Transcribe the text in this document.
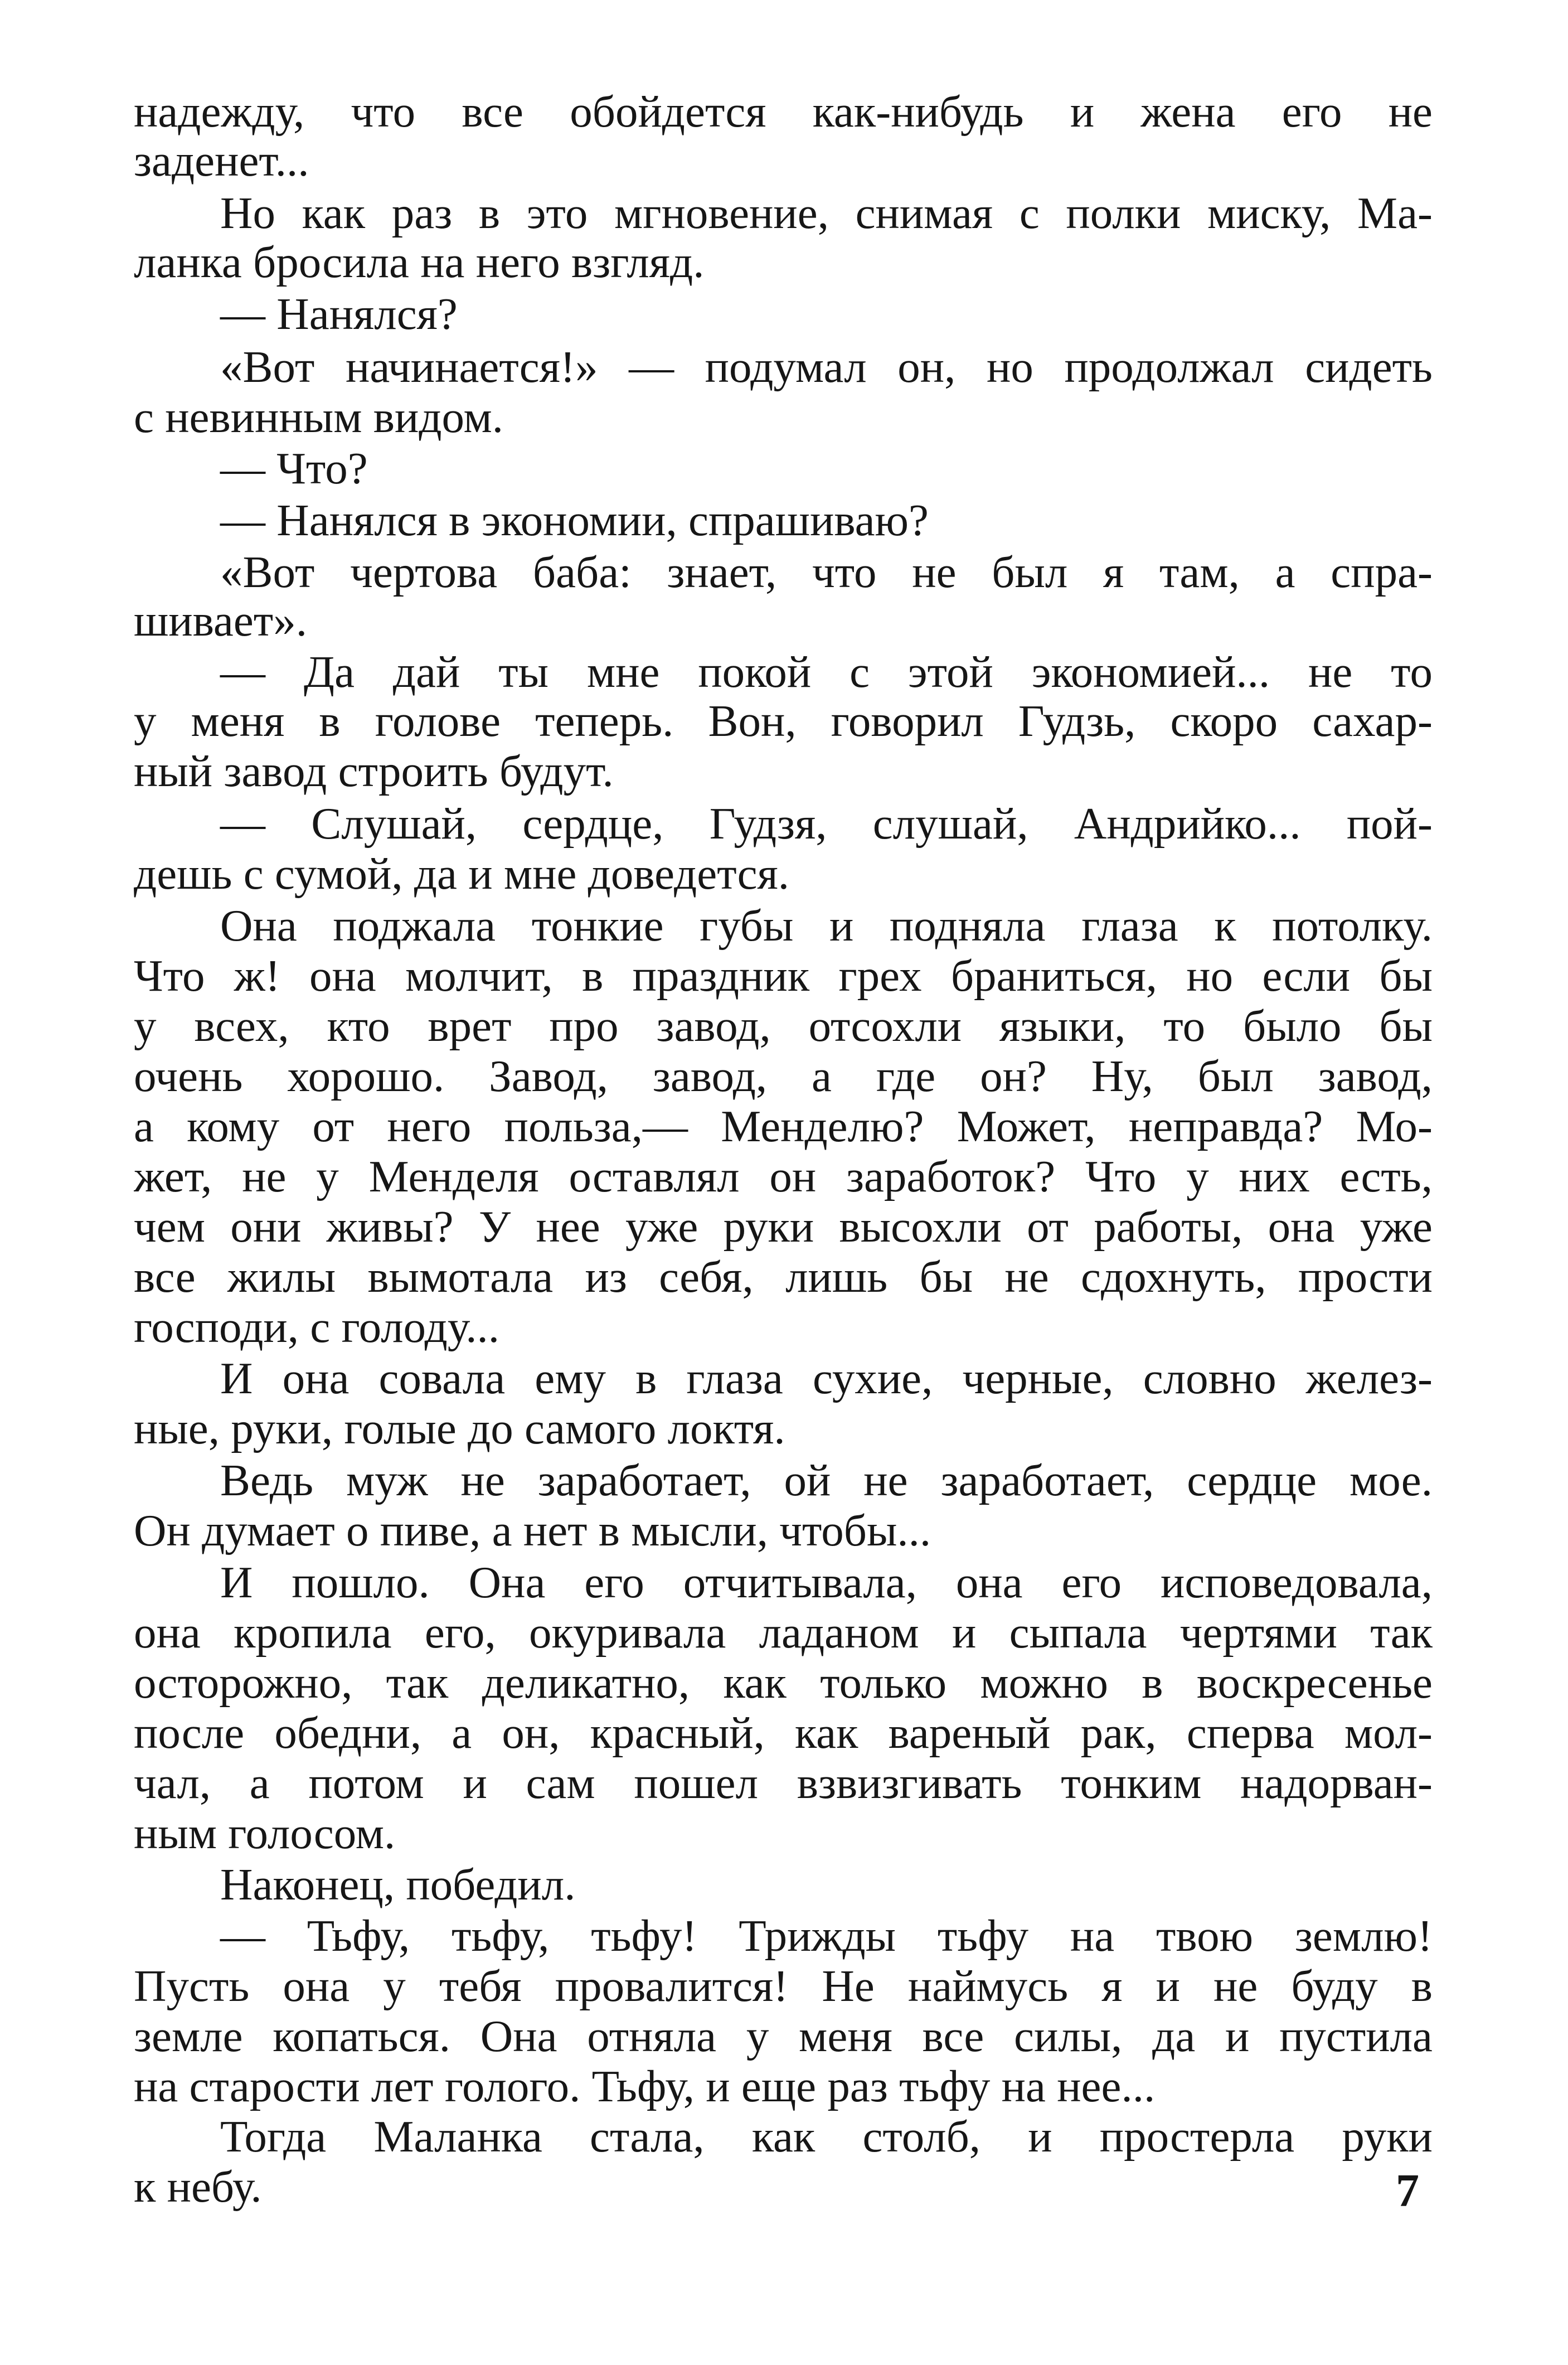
надежду, что все обойдется как-нибудь и жена его не
заденет...
Но как раз в это мгновение, снимая с полки миску, Ма-
ланка бросила на него взгляд.
— Нанялся?
«Вот начинается!» — подумал он, но продолжал сидеть
с невинным видом.
— Что?
— Нанялся в экономии, спрашиваю?
«Вот чертова баба: знает, что не был я там, а спра-
шивает».
— Да дай ты мне покой с этой экономией... не то
у меня в голове теперь. Вон, говорил Гудзь, скоро сахар-
ный завод строить будут.
— Слушай, сердце, Гудзя, слушай, Андрийко... пой-
дешь с сумой, да и мне доведется.
Она поджала тонкие губы и подняла глаза к потолку.
Что ж! она молчит, в праздник грех браниться, но если бы
у всех, кто врет про завод, отсохли языки, то было бы
очень хорошо. Завод, завод, а где он? Ну, был завод,
а кому от него польза,— Менделю? Может, неправда? Мо-
жет, не у Менделя оставлял он заработок? Что у них есть,
чем они живы? У нее уже руки высохли от работы, она уже
все жилы вымотала из себя, лишь бы не сдохнуть, прости
господи, с голоду...
И она совала ему в глаза сухие, черные, словно желез-
ные, руки, голые до самого локтя.
Ведь муж не заработает, ой не заработает, сердце мое.
Он думает о пиве, а нет в мысли, чтобы...
И пошло. Она его отчитывала, она его исповедовала,
она кропила его, окуривала ладаном и сыпала чертями так
осторожно, так деликатно, как только можно в воскресенье
после обедни, а он, красный, как вареный рак, сперва мол-
чал, а потом и сам пошел взвизгивать тонким надорван-
ным голосом.
Наконец, победил.
— Тьфу, тьфу, тьфу! Трижды тьфу на твою землю!
Пусть она у тебя провалится! Не наймусь я и не буду в
земле копаться. Она отняла у меня все силы, да и пустила
на старости лет голого. Тьфу, и еще раз тьфу на нее...
Тогда Маланка стала, как столб, и простерла руки
к небу.	7
